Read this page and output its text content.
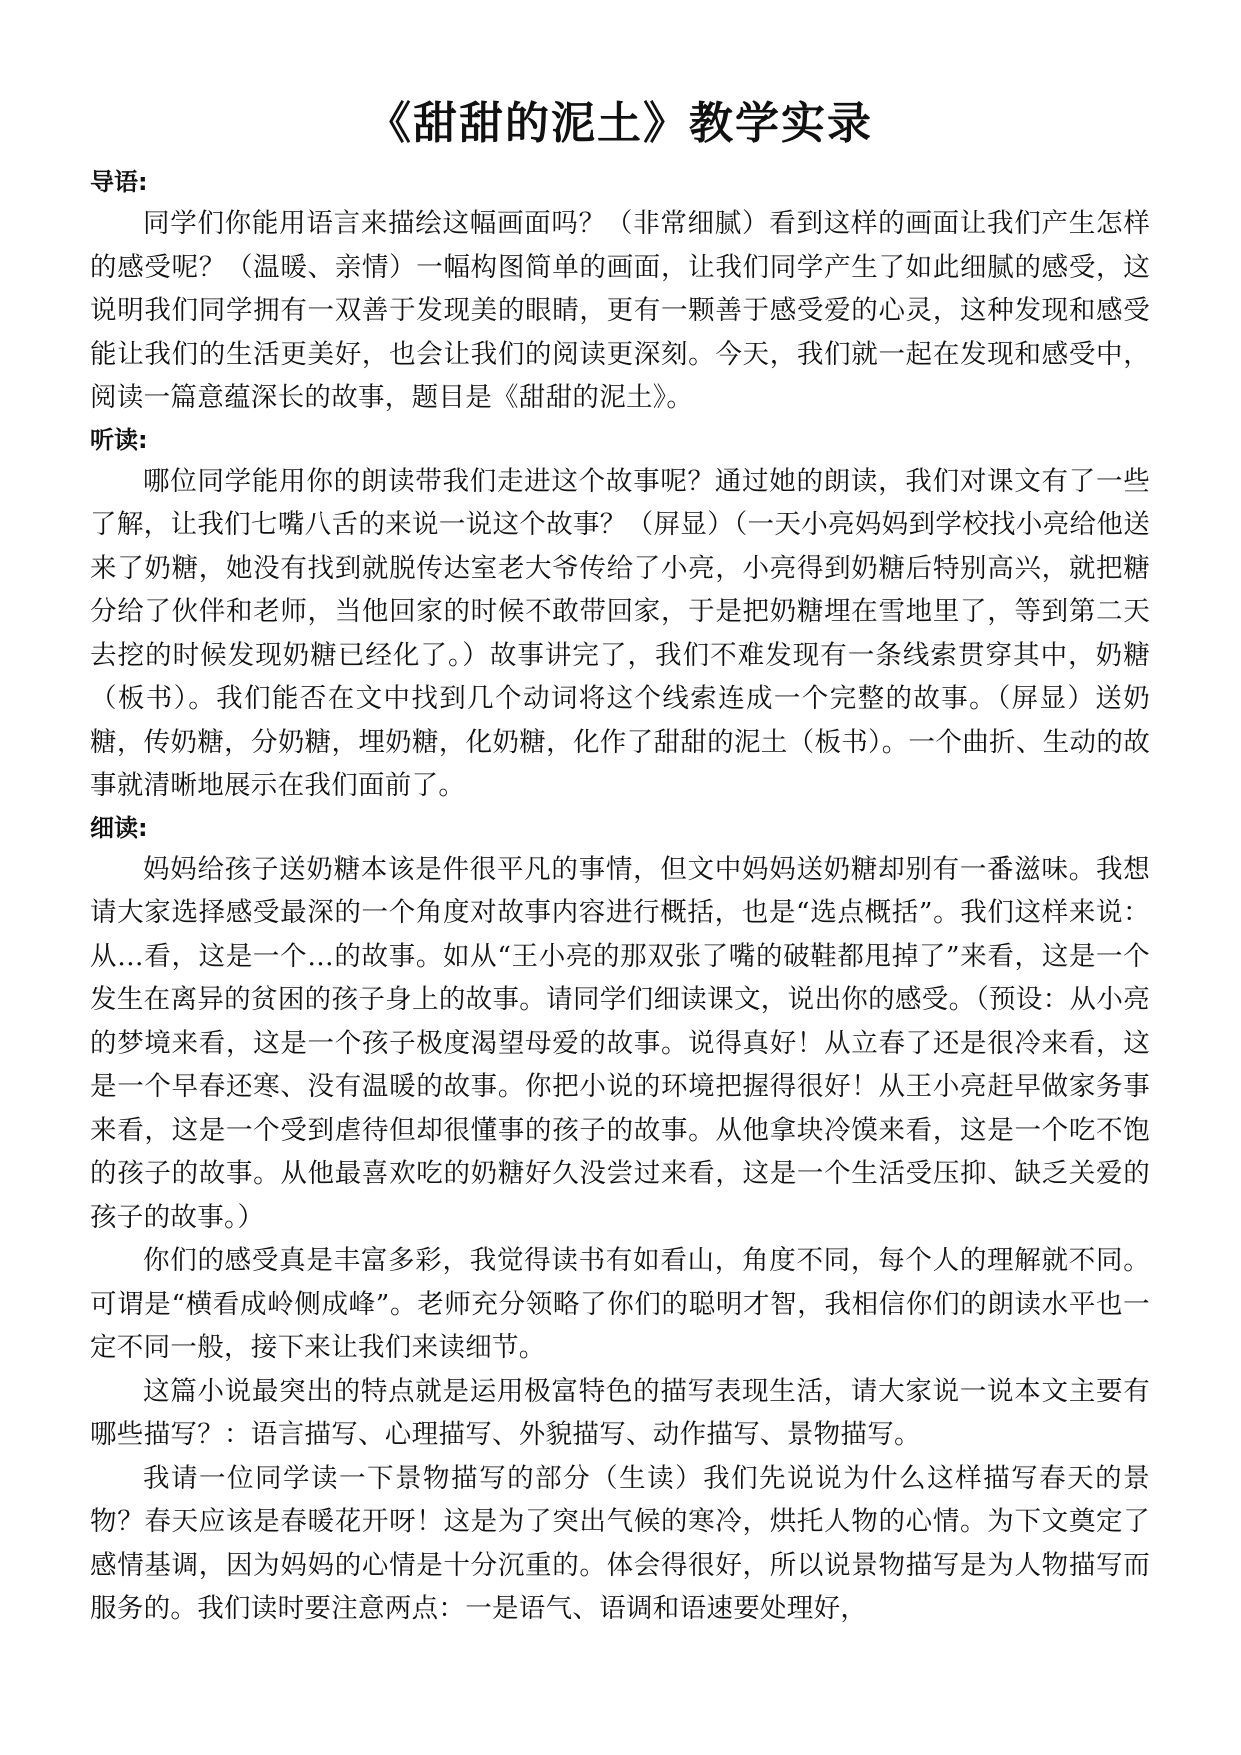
《甜甜的泥土》教学实录

导语:

同学们你能用语言来描绘这幅画面吗？（非常细腻）看到这样的画面让我们产生怎样的感受呢？（温暖、亲情）一幅构图简单的画面，让我们同学产生了如此细腻的感受，这说明我们同学拥有一双善于发现美的眼睛，更有一颗善于感受爱的心灵，这种发现和感受能让我们的生活更美好，也会让我们的阅读更深刻。今天，我们就一起在发现和感受中，阅读一篇意蕴深长的故事，题目是《甜甜的泥土》。

听读:

哪位同学能用你的朗读带我们走进这个故事呢？通过她的朗读，我们对课文有了一些了解，让我们七嘴八舌的来说一说这个故事？（屏显）（一天小亮妈妈到学校找小亮给他送来了奶糖，她没有找到就脱传达室老大爷传给了小亮，小亮得到奶糖后特别高兴，就把糖分给了伙伴和老师，当他回家的时候不敢带回家，于是把奶糖埋在雪地里了，等到第二天去挖的时候发现奶糖已经化了。）故事讲完了，我们不难发现有一条线索贯穿其中，奶糖（板书）。我们能否在文中找到几个动词将这个线索连成一个完整的故事。（屏显）送奶糖，传奶糖，分奶糖，埋奶糖，化奶糖，化作了甜甜的泥土（板书）。一个曲折、生动的故事就清晰地展示在我们面前了。

细读:

妈妈给孩子送奶糖本该是件很平凡的事情，但文中妈妈送奶糖却别有一番滋味。我想请大家选择感受最深的一个角度对故事内容进行概括，也是“选点概括”。我们这样来说：从…看，这是一个…的故事。如从“王小亮的那双张了嘴的破鞋都甩掉了”来看，这是一个发生在离异的贫困的孩子身上的故事。请同学们细读课文，说出你的感受。（预设：从小亮的梦境来看，这是一个孩子极度渴望母爱的故事。说得真好！从立春了还是很冷来看，这是一个早春还寒、没有温暖的故事。你把小说的环境把握得很好！从王小亮赶早做家务事来看，这是一个受到虐待但却很懂事的孩子的故事。从他拿块冷馍来看，这是一个吃不饱的孩子的故事。从他最喜欢吃的奶糖好久没尝过来看，这是一个生活受压抑、缺乏关爱的孩子的故事。）

你们的感受真是丰富多彩，我觉得读书有如看山，角度不同，每个人的理解就不同。可谓是“横看成岭侧成峰”。老师充分领略了你们的聪明才智，我相信你们的朗读水平也一定不同一般，接下来让我们来读细节。

这篇小说最突出的特点就是运用极富特色的描写表现生活，请大家说一说本文主要有哪些描写？：语言描写、心理描写、外貌描写、动作描写、景物描写。

我请一位同学读一下景物描写的部分（生读）我们先说说为什么这样描写春天的景物？春天应该是春暖花开呀！这是为了突出气候的寒冷，烘托人物的心情。为下文奠定了感情基调，因为妈妈的心情是十分沉重的。体会得很好，所以说景物描写是为人物描写而服务的。我们读时要注意两点：一是语气、语调和语速要处理好，
